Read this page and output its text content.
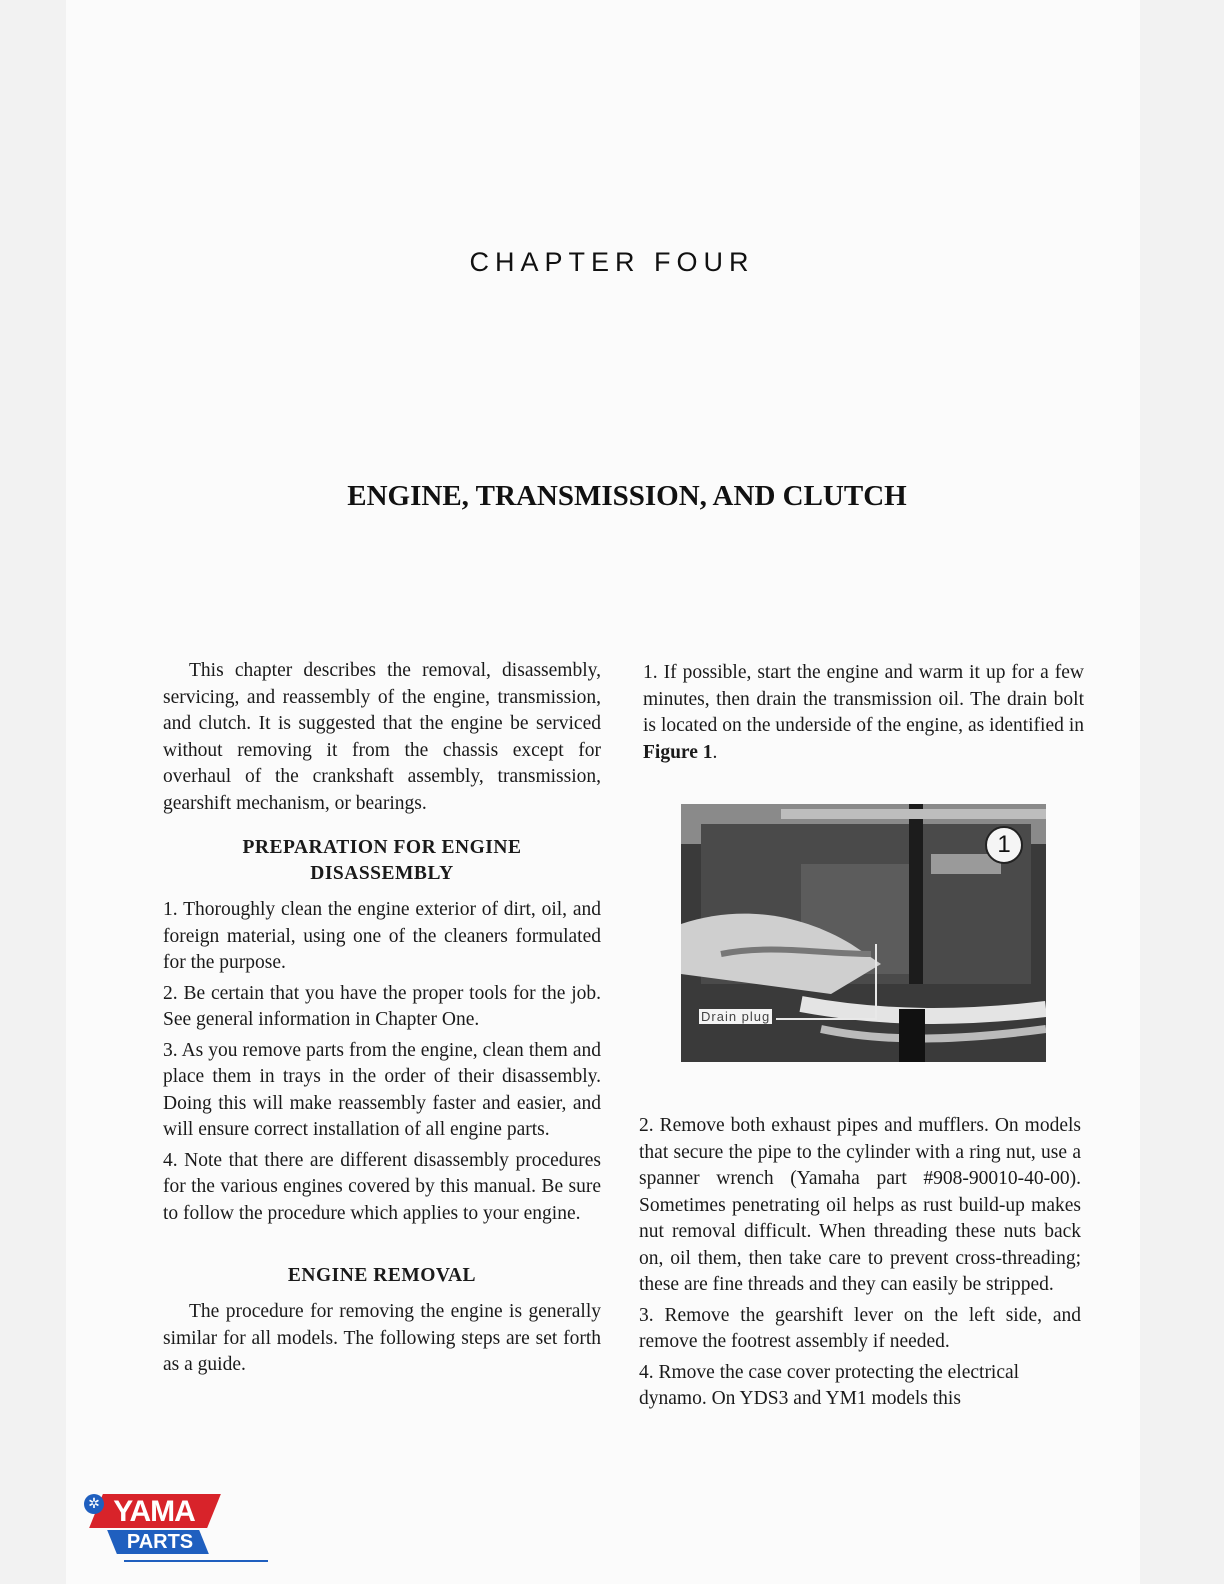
CHAPTER FOUR
ENGINE, TRANSMISSION, AND CLUTCH

This chapter describes the removal, disassembly, servicing, and reassembly of the engine, transmission, and clutch. It is suggested that the engine be serviced without removing it from the chassis except for overhaul of the crankshaft assembly, transmission, gearshift mechanism, or bearings.

PREPARATION FOR ENGINE
DISASSEMBLY

1. Thoroughly clean the engine exterior of dirt, oil, and foreign material, using one of the cleaners formulated for the purpose.

2. Be certain that you have the proper tools for the job. See general information in Chapter One.

3. As you remove parts from the engine, clean them and place them in trays in the order of their disassembly. Doing this will make reassembly faster and easier, and will ensure correct installation of all engine parts.

4. Note that there are different disassembly procedures for the various engines covered by this manual. Be sure to follow the procedure which applies to your engine.

ENGINE REMOVAL

The procedure for removing the engine is generally similar for all models. The following steps are set forth as a guide.

1. If possible, start the engine and warm it up for a few minutes, then drain the transmission oil. The drain bolt is located on the underside of the engine, as identified in Figure 1.

1
Drain plug

2. Remove both exhaust pipes and mufflers. On models that secure the pipe to the cylinder with a ring nut, use a spanner wrench (Yamaha part #908-90010-40-00). Sometimes penetrating oil helps as rust build-up makes nut removal difficult. When threading these nuts back on, oil them, then take care to prevent cross-threading; these are fine threads and they can easily be stripped.

3. Remove the gearshift lever on the left side, and remove the footrest assembly if needed.

4. Rmove the case cover protecting the electrical dynamo. On YDS3 and YM1 models this

YAMA
PARTS
✲
